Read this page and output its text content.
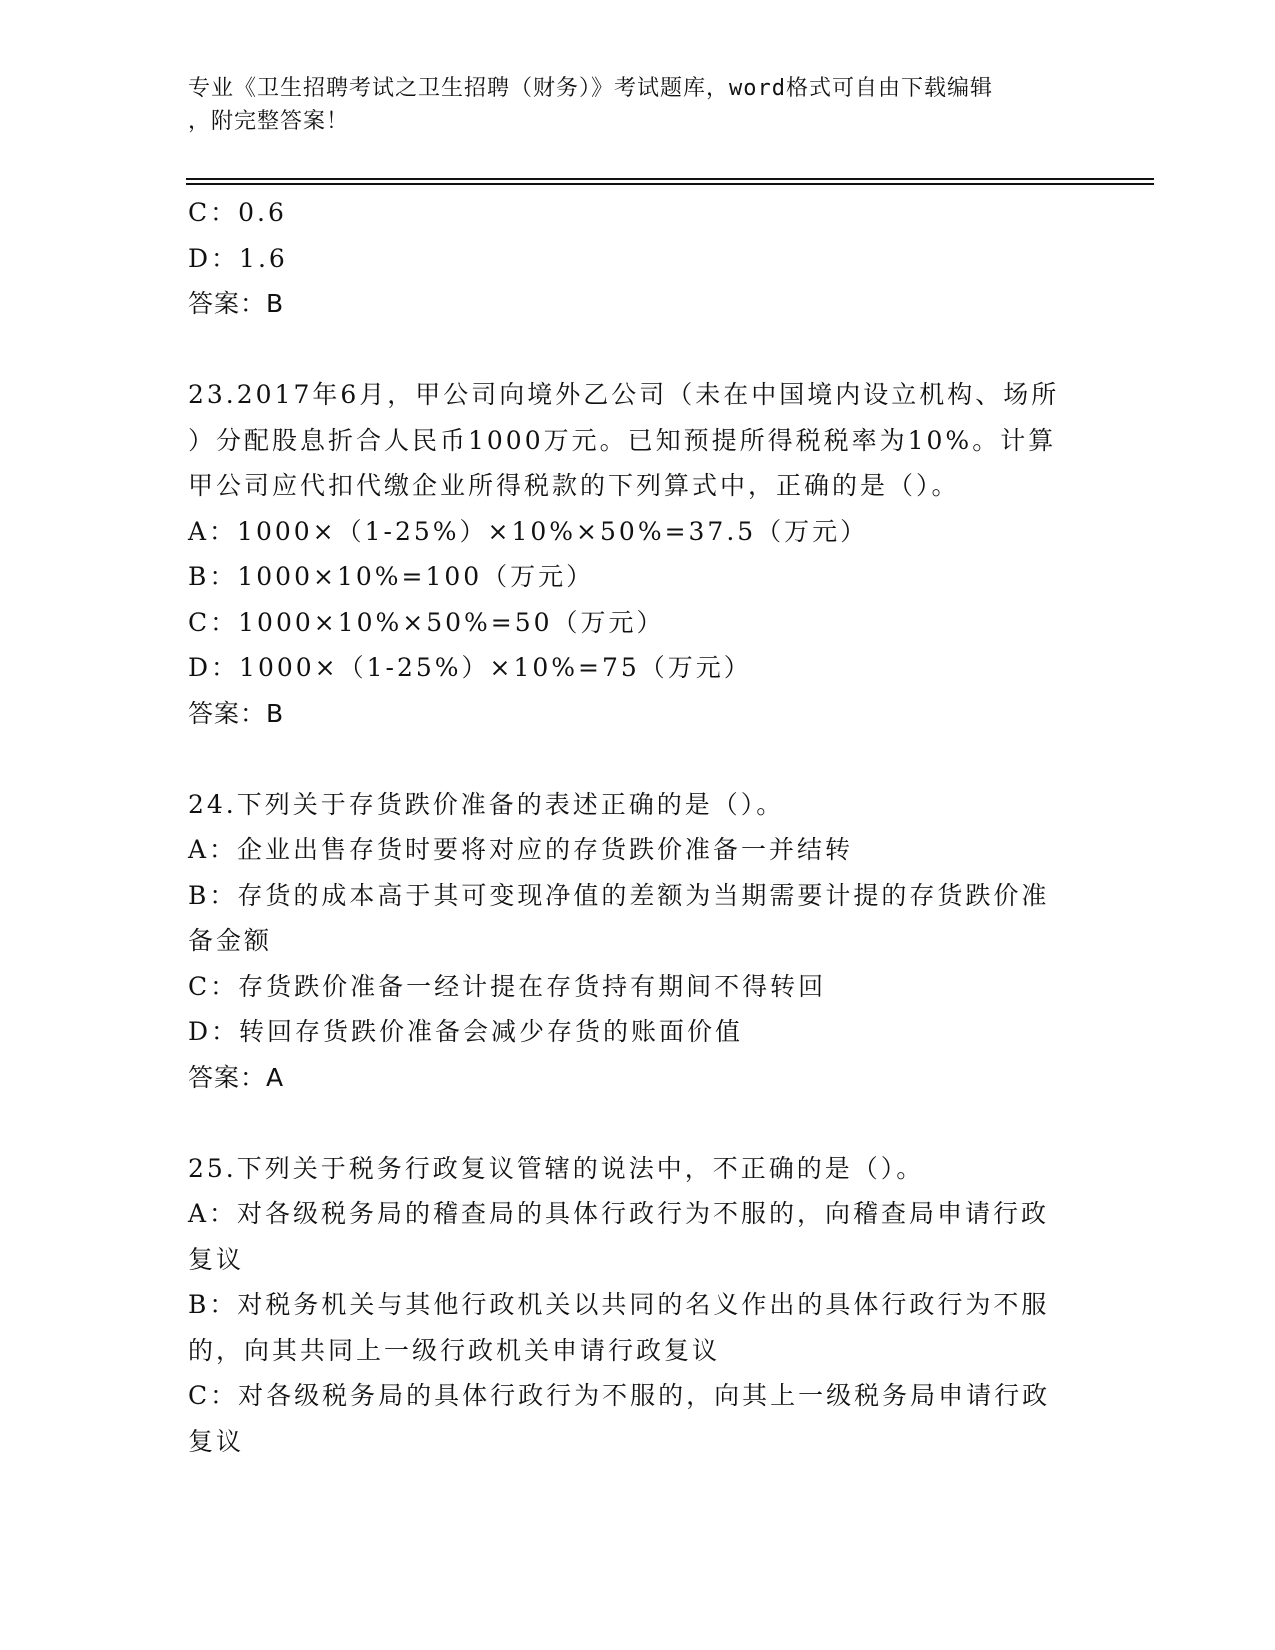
专业《卫生招聘考试之卫生招聘（财务）》考试题库，word格式可自由下载编辑
，附完整答案！
C：0.6
D：1.6
答案：B
23.2017年6月，甲公司向境外乙公司（未在中国境内设立机构、场所
）分配股息折合人民币1000万元。已知预提所得税税率为10%。计算
甲公司应代扣代缴企业所得税款的下列算式中，正确的是（）。
A：1000×（1-25%）×10%×50%=37.5（万元）
B：1000×10%=100（万元）
C：1000×10%×50%=50（万元）
D：1000×（1-25%）×10%=75（万元）
答案：B
24.下列关于存货跌价准备的表述正确的是（）。
A：企业出售存货时要将对应的存货跌价准备一并结转
B：存货的成本高于其可变现净值的差额为当期需要计提的存货跌价准
备金额
C：存货跌价准备一经计提在存货持有期间不得转回
D：转回存货跌价准备会减少存货的账面价值
答案：A
25.下列关于税务行政复议管辖的说法中，不正确的是（）。
A：对各级税务局的稽查局的具体行政行为不服的，向稽查局申请行政
复议
B：对税务机关与其他行政机关以共同的名义作出的具体行政行为不服
的，向其共同上一级行政机关申请行政复议
C：对各级税务局的具体行政行为不服的，向其上一级税务局申请行政
复议
